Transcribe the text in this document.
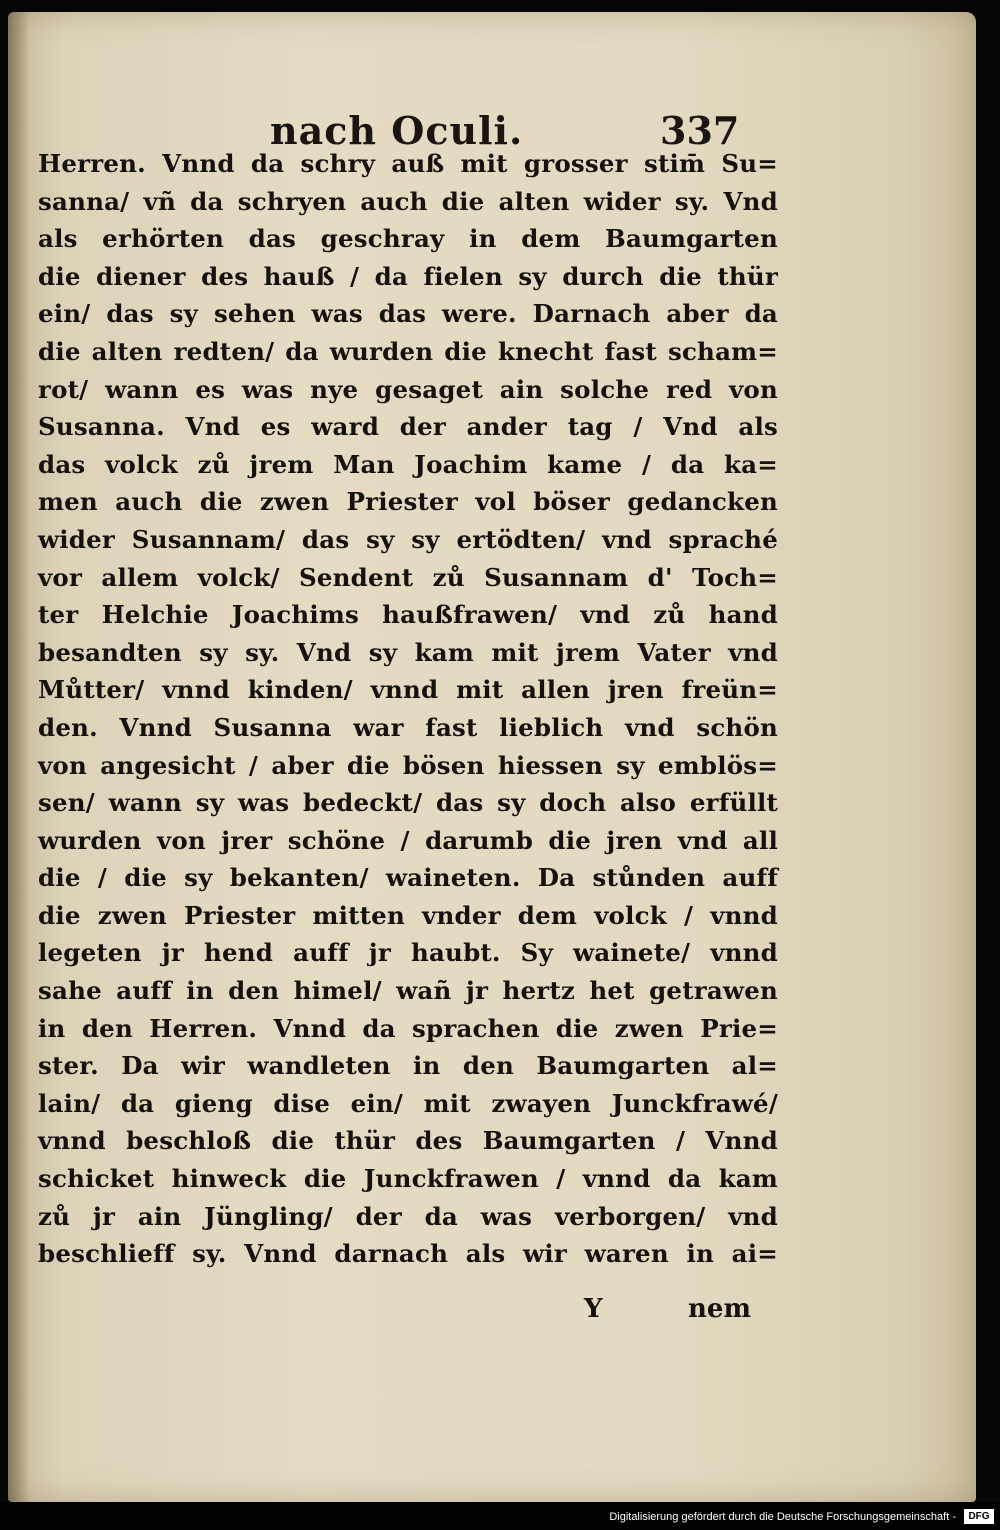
nach Oculi.	337
Herren. Vnnd da schry auß mit grosser stim̄ Su=
sanna/ vñ da schryen auch die alten wider sy. Vnd
als erhörten das geschray in dem Baumgarten
die diener des hauß / da fielen sy durch die thür
ein/ das sy sehen was das were. Darnach aber da
die alten redten/ da wurden die knecht fast scham=
rot/ wann es was nye gesaget ain solche red von
Susanna. Vnd es ward der ander tag / Vnd als
das volck zů jrem Man Joachim kame / da ka=
men auch die zwen Priester vol böser gedancken
wider Susannam/ das sy sy ertödten/ vnd spraché
vor allem volck/ Sendent zů Susannam d' Toch=
ter Helchie Joachims haußfrawen/ vnd zů hand
besandten sy sy. Vnd sy kam mit jrem Vater vnd
Můtter/ vnnd kinden/ vnnd mit allen jren freün=
den. Vnnd Susanna war fast lieblich vnd schön
von angesicht / aber die bösen hiessen sy emblös=
sen/ wann sy was bedeckt/ das sy doch also erfüllt
wurden von jrer schöne / darumb die jren vnd all
die / die sy bekanten/ waineten. Da stůnden auff
die zwen Priester mitten vnder dem volck / vnnd
legeten jr hend auff jr haubt. Sy wainete/ vnnd
sahe auff in den himel/ wañ jr hertz het getrawen
in den Herren. Vnnd da sprachen die zwen Prie=
ster. Da wir wandleten in den Baumgarten al=
lain/ da gieng dise ein/ mit zwayen Junckfrawé/
vnnd beschloß die thür des Baumgarten / Vnnd
schicket hinweck die Junckfrawen / vnnd da kam
zů jr ain Jüngling/ der da was verborgen/ vnd
beschlieff sy. Vnnd darnach als wir waren in ai=
Y	nem
Digitalisierung gefördert durch die Deutsche Forschungsgemeinschaft -	DFG
